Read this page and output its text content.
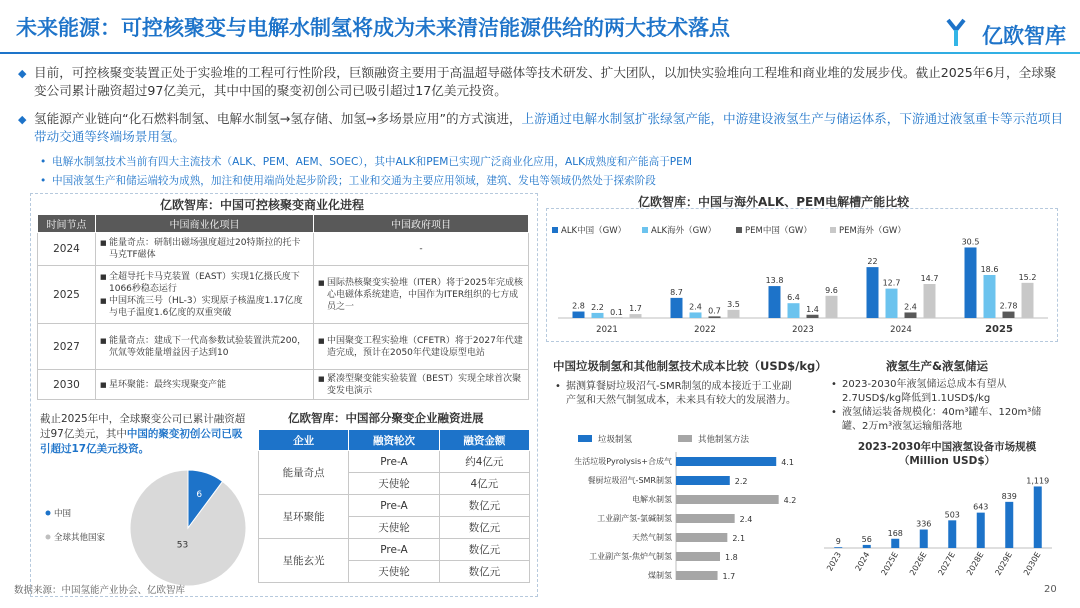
未来能源：可控核聚变与电解水制氢将成为未来清洁能源供给的两大技术落点	亿欧智库
◆ 目前，可控核聚变装置正处于实验堆的工程可行性阶段，巨额融资主要用于高温超导磁体等技术研发、扩大团队，以加快实验堆向工程堆和商业堆的发展步伐。截止2025年6月，全球聚变公司累计融资超过97亿美元，其中中国的聚变初创公司已吸引超过17亿美元投资。
◆ 氢能源产业链向“化石燃料制氢、电解水制氢→氢存储、加氢→多场景应用”的方式演进，上游通过电解水制氢扩张绿氢产能，中游建设液氢生产与储运体系，下游通过液氢重卡等示范项目带动交通等终端场景用氢。
• 电解水制氢技术当前有四大主流技术（ALK、PEM、AEM、SOEC），其中ALK和PEM已实现广泛商业化应用，ALK成熟度和产能高于PEM
• 中国液氢生产和储运端较为成熟，加注和使用端尚处起步阶段；工业和交通为主要应用领域，建筑、发电等领域仍然处于探索阶段
亿欧智库：中国可控核聚变商业化进程
时间节点	中国商业化项目	中国政府项目
2024	■ 能量奇点：研制出磁场强度超过20特斯拉的托卡马克TF磁体	-
2025	■ 全超导托卡马克装置（EAST）实现1亿摄氏度下1066秒稳态运行
■ 中国环流三号（HL-3）实现原子核温度1.17亿度与电子温度1.6亿度的双重突破	■ 国际热核聚变实验堆（ITER）将于2025年完成核心电磁体系统建造，中国作为ITER组织的七方成员之一

2027	■ 能量奇点：建成下一代高参数试验装置洪荒200，氘氚等效能量增益因子达到10	■ 中国聚变工程实验堆（CFETR）将于2027年代建造完成，预计在2050年代建设原型电站

2030	■ 星环聚能：最终实现聚变产能	■ 紧凑型聚变能实验装置（BEST）实现全球首次聚变发电演示
截止2025年中，全球聚变公司已累计融资超过97亿美元，其中中国的聚变初创公司已吸引超过17亿美元投资。
6
53
中国
全球其他国家
亿欧智库：中国部分聚变企业融资进展
企业	融资轮次	融资金额
能量奇点	Pre-A	约4亿元
	天使轮	4亿元
星环聚能	Pre-A	数亿元
	天使轮	数亿元
星能玄光	Pre-A	数亿元
	天使轮	数亿元
亿欧智库：中国与海外ALK、PEM电解槽产能比较
ALK中国（GW）	ALK海外（GW）	PEM中国（GW）	PEM海外（GW）
2.8 2.2
0.1 1.7
2021
8.7
2.4 0.7
3.5
2022
13.8
6.4
1.4
9.6
2023
22
12.7
2.4
14.7
2024
30.5
18.6
2.78
15.2
2025
中国垃圾制氢和其他制氢技术成本比较（USD$/kg）
• 据测算餐厨垃圾沼气-SMR制氢的成本接近于工业副产氢和天然气制氢成本，未来具有较大的发展潜力。
垃圾制氢	其他制氢方法
生活垃圾Pyrolysis+合成气	4.1
餐厨垃圾沼气-SMR制氢	2.2
电解水制氢	4.2
工业副产氢-氯碱制氢	2.4
天然气制氢	2.1
工业副产氢-焦炉气制氢	1.8
煤制氢	1.7
液氢生产&液氢储运
• 2023-2030年液氢储运总成本有望从2.7USD$/kg降低到1.1USD$/kg
• 液氢储运装备规模化：40m³罐车、120m³储罐、2万m³液氢运输船落地
2023-2030年中国液氢设备市场规模（Million USD$）
9
2023
56
2024
168
2025E
336
2026E
503
2027E
643
2028E
839
2029E
1,119
2030E
数据来源：中国氢能产业协会、亿欧智库	20
